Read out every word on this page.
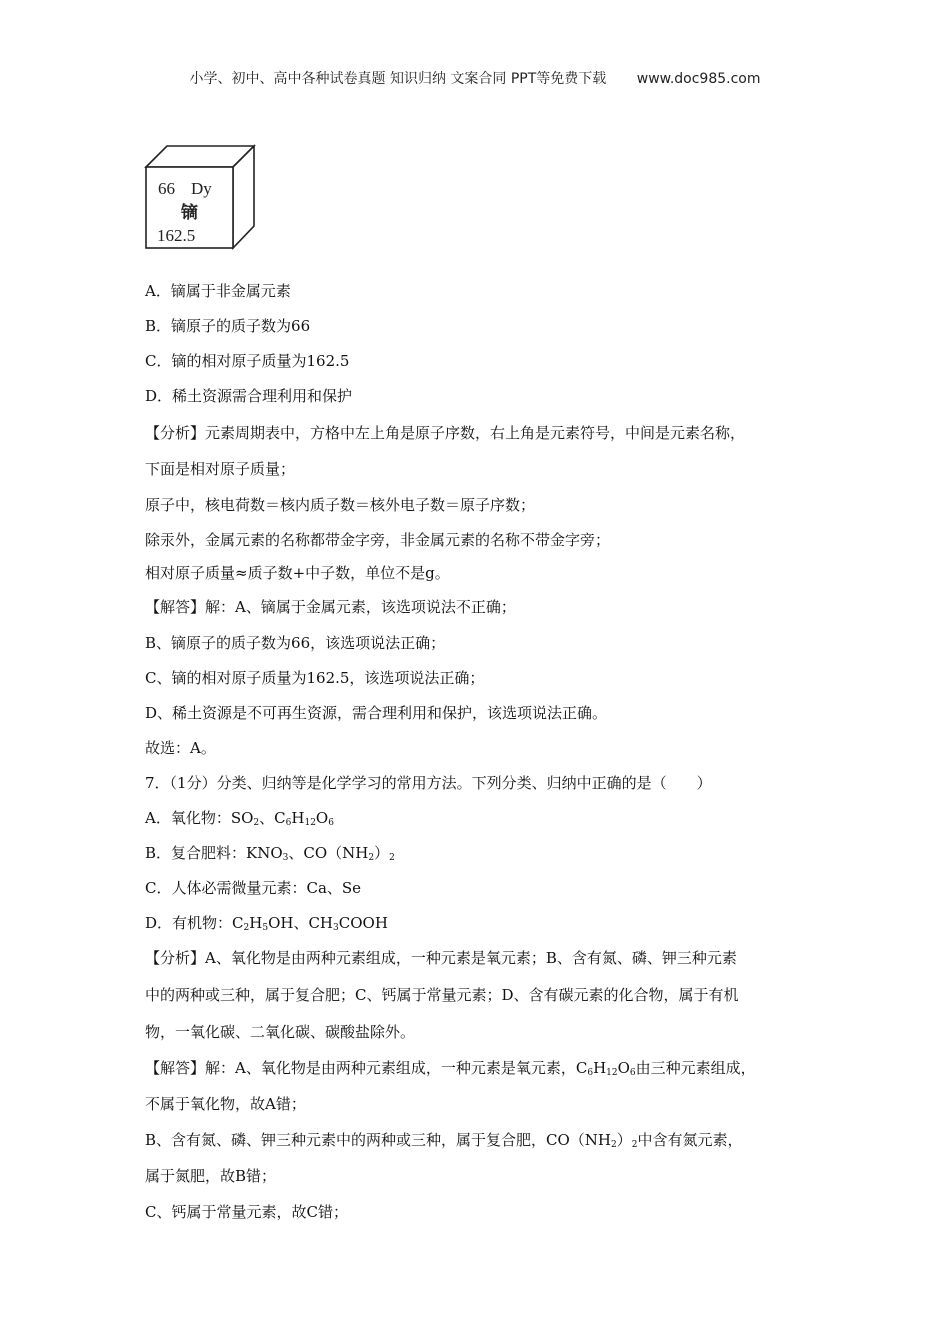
小学、初中、高中各种试卷真题 知识归纳 文案合同 PPT等免费下载 www.doc985.com
66 Dy
镝
162.5

A．镝属于非金属元素

B．镝原子的质子数为66

C．镝的相对原子质量为162.5

D．稀土资源需合理利用和保护

【分析】元素周期表中，方格中左上角是原子序数，右上角是元素符号，中间是元素名称，

下面是相对原子质量；

原子中，核电荷数＝核内质子数＝核外电子数＝原子序数；

除汞外，金属元素的名称都带金字旁，非金属元素的名称不带金字旁；

相对原子质量≈质子数+中子数，单位不是g。

【解答】解：A、镝属于金属元素，该选项说法不正确；

B、镝原子的质子数为66，该选项说法正确；

C、镝的相对原子质量为162.5，该选项说法正确；

D、稀土资源是不可再生资源，需合理利用和保护，该选项说法正确。

故选：A。

7．（1分）分类、归纳等是化学学习的常用方法。下列分类、归纳中正确的是（　　）

A．氧化物：$SO_2$、$C_6H_{12}O_6$

B．复合肥料：$KNO_3$、$CO(NH_2)_2$

C．人体必需微量元素：Ca、Se

D．有机物：$C_2H_5OH$、$CH_3COOH$

【分析】A、氧化物是由两种元素组成，一种元素是氧元素；B、含有氮、磷、钾三种元素

中的两种或三种，属于复合肥；C、钙属于常量元素；D、含有碳元素的化合物，属于有机

物，一氧化碳、二氧化碳、碳酸盐除外。

【解答】解：A、氧化物是由两种元素组成，一种元素是氧元素，$C_6H_{12}O_6$由三种元素组成，

不属于氧化物，故A错；

B、含有氮、磷、钾三种元素中的两种或三种，属于复合肥，$CO(NH_2)_2$中含有氮元素，

属于氮肥，故B错；

C、钙属于常量元素，故C错；
